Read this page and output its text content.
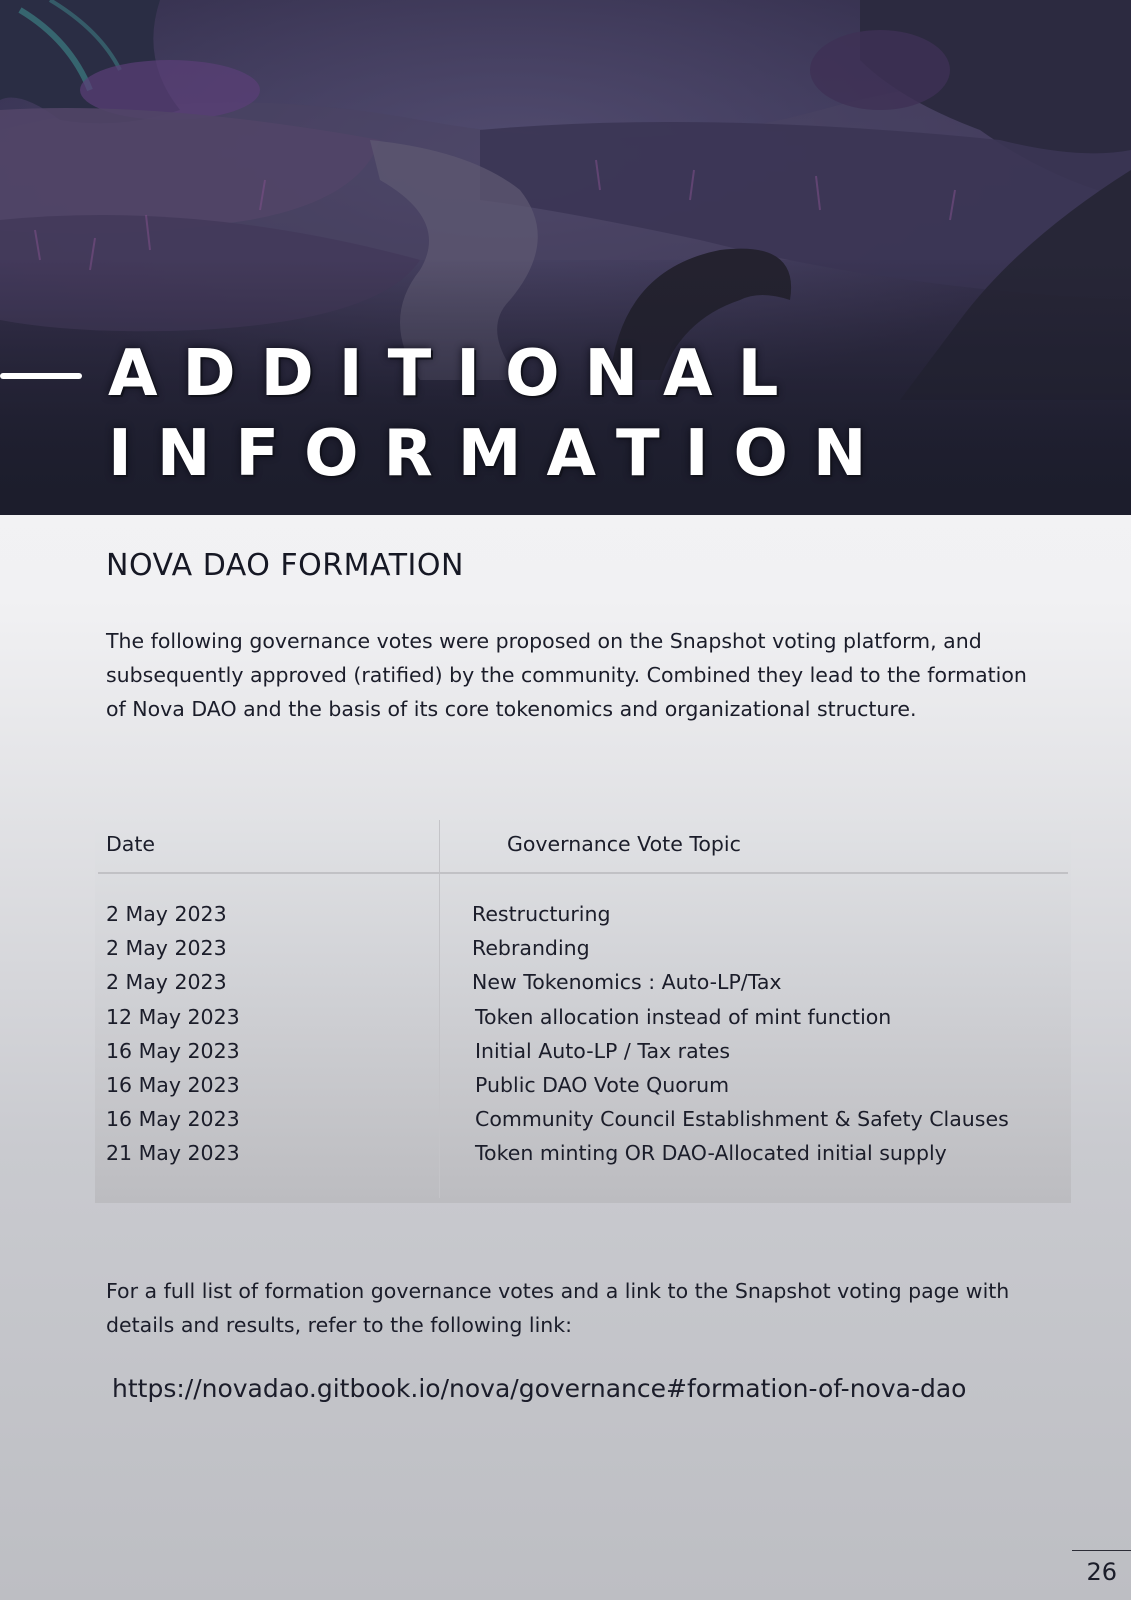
ADDITIONAL
INFORMATION
NOVA DAO FORMATION

The following governance votes were proposed on the Snapshot voting platform, and subsequently approved (ratified) by the community. Combined they lead to the formation of Nova DAO and the basis of its core tokenomics and organizational structure.

Date	Governance Vote Topic
2 May 2023	Restructuring
2 May 2023	Rebranding
2 May 2023	New Tokenomics : Auto-LP/Tax
12 May 2023	Token allocation instead of mint function
16 May 2023	Initial Auto-LP / Tax rates
16 May 2023	Public DAO Vote Quorum
16 May 2023	Community Council Establishment & Safety Clauses
21 May 2023	Token minting OR DAO-Allocated initial supply

For a full list of formation governance votes and a link to the Snapshot voting page with details and results, refer to the following link:

https://novadao.gitbook.io/nova/governance#formation-of-nova-dao
26
